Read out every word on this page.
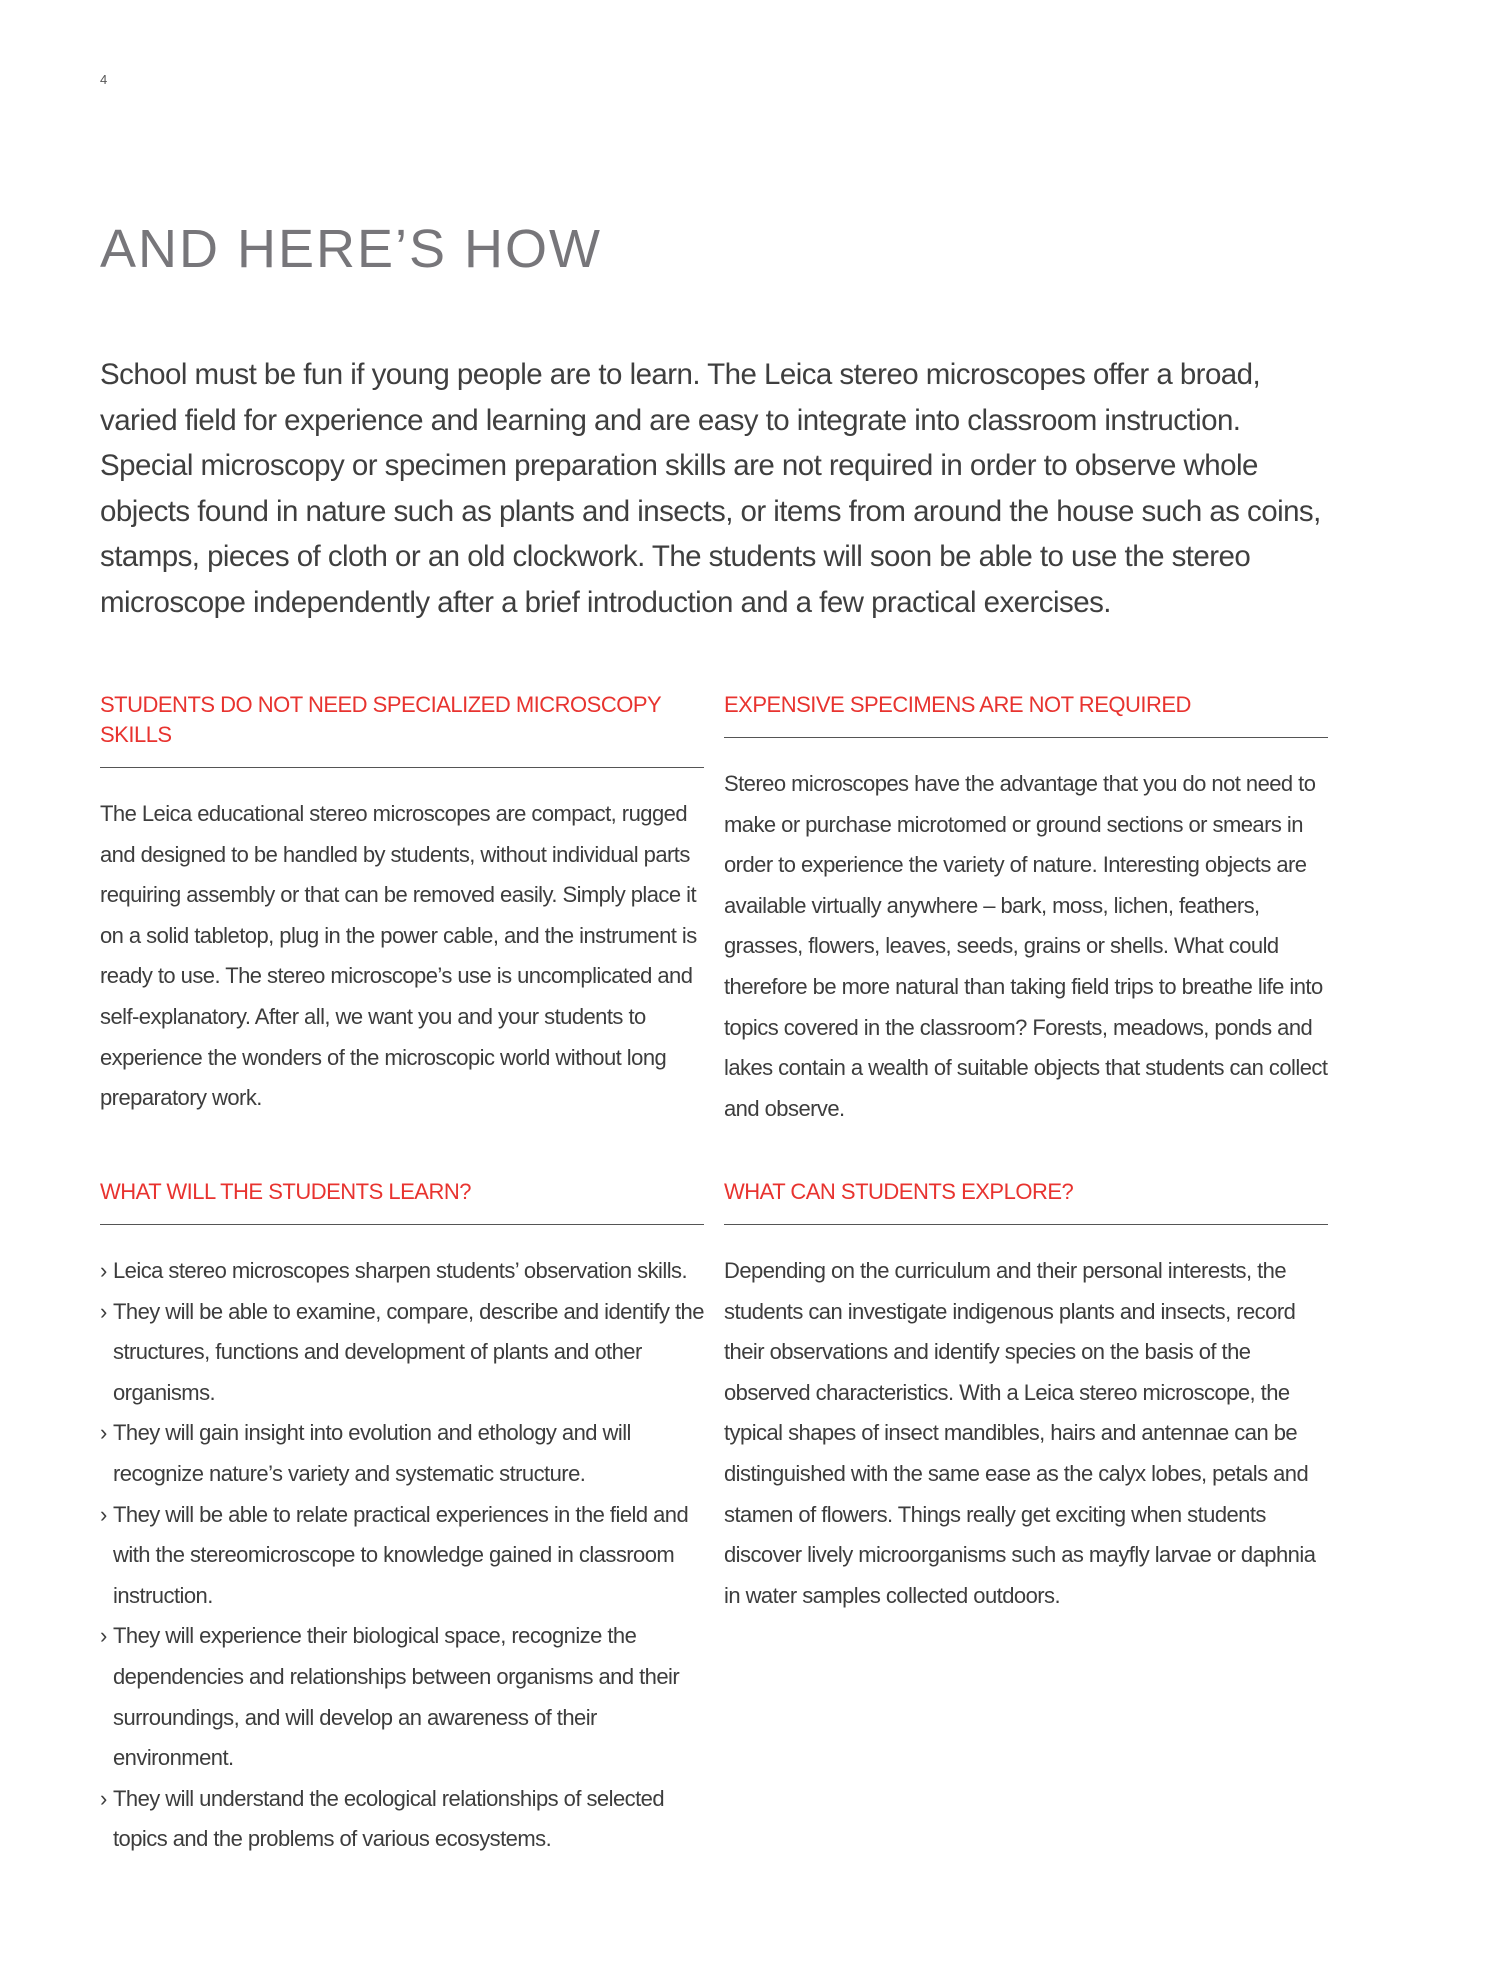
4
AND HERE’S HOW

School must be fun if young people are to learn. The Leica stereo microscopes offer a broad, varied field for experience and learning and are easy to integrate into classroom instruction. Special microscopy or specimen preparation skills are not required in order to observe whole objects found in nature such as plants and insects, or items from around the house such as coins, stamps, pieces of cloth or an old clockwork. The students will soon be able to use the stereo microscope independently after a brief introduction and a few practical exercises.

STUDENTS DO NOT NEED SPECIALIZED MICROSCOPY SKILLS

The Leica educational stereo microscopes are compact, rugged and designed to be handled by students, without individual parts requiring assembly or that can be removed easily. Simply place it on a solid tabletop, plug in the power cable, and the instrument is ready to use. The stereo microscope’s use is uncomplicated and self-explanatory. After all, we want you and your students to experience the wonders of the microscopic world without long preparatory work.

EXPENSIVE SPECIMENS ARE NOT REQUIRED

Stereo microscopes have the advantage that you do not need to make or purchase microtomed or ground sections or smears in order to experience the variety of nature. Interesting objects are available virtually anywhere – bark, moss, lichen, feathers, grasses, flowers, leaves, seeds, grains or shells. What could therefore be more natural than taking field trips to breathe life into topics covered in the classroom? Forests, meadows, ponds and lakes contain a wealth of suitable objects that students can collect and observe.

WHAT WILL THE STUDENTS LEARN?
› Leica stereo microscopes sharpen students’ observation skills.
› They will be able to examine, compare, describe and identify the structures, functions and development of plants and other organisms.
› They will gain insight into evolution and ethology and will recognize nature’s variety and systematic structure.
› They will be able to relate practical experiences in the field and with the stereomicroscope to knowledge gained in classroom instruction.
› They will experience their biological space, recognize the dependencies and relationships between organisms and their surroundings, and will develop an awareness of their environment.
› They will understand the ecological relationships of selected topics and the problems of various ecosystems.
WHAT CAN STUDENTS EXPLORE?

Depending on the curriculum and their personal interests, the students can investigate indigenous plants and insects, record their observations and identify species on the basis of the observed characteristics. With a Leica stereo microscope, the typical shapes of insect mandibles, hairs and antennae can be distinguished with the same ease as the calyx lobes, petals and stamen of flowers. Things really get exciting when students discover lively microorganisms such as mayfly larvae or daphnia in water samples collected outdoors.
